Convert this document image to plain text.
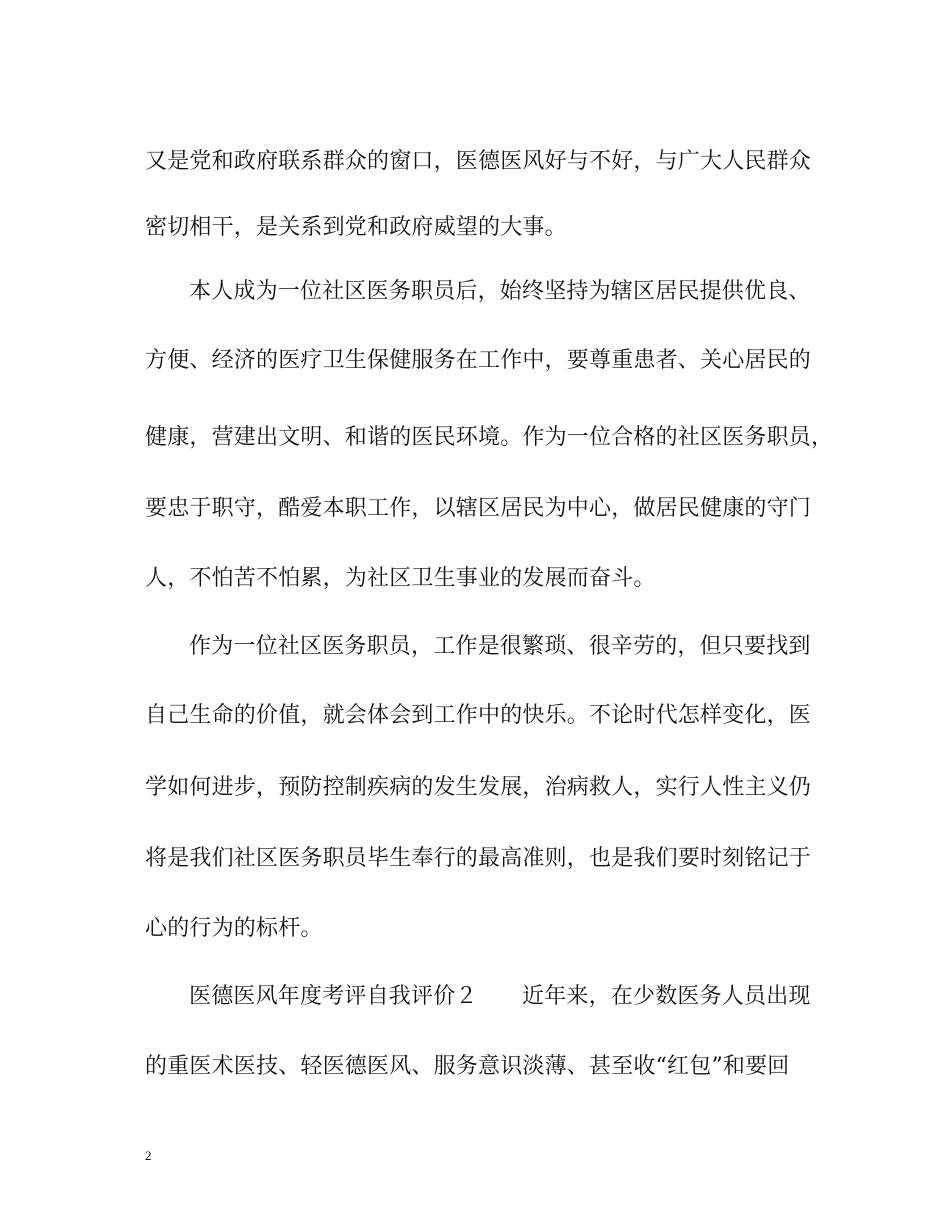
又是党和政府联系群众的窗口，医德医风好与不好，与广大人民群众
密切相干，是关系到党和政府威望的大事。
本人成为一位社区医务职员后，始终坚持为辖区居民提供优良、
方便、经济的医疗卫生保健服务在工作中，要尊重患者、关心居民的
健康，营建出文明、和谐的医民环境。作为一位合格的社区医务职员，
要忠于职守，酷爱本职工作，以辖区居民为中心，做居民健康的守门
人，不怕苦不怕累，为社区卫生事业的发展而奋斗。
作为一位社区医务职员，工作是很繁琐、很辛劳的，但只要找到
自己生命的价值，就会体会到工作中的快乐。不论时代怎样变化，医
学如何进步，预防控制疾病的发生发展，治病救人，实行人性主义仍
将是我们社区医务职员毕生奉行的最高准则，也是我们要时刻铭记于
心的行为的标杆。
医德医风年度考评自我评价２　　近年来，在少数医务人员出现
的重医术医技、轻医德医风、服务意识淡薄、甚至收“红包”和要回
2
